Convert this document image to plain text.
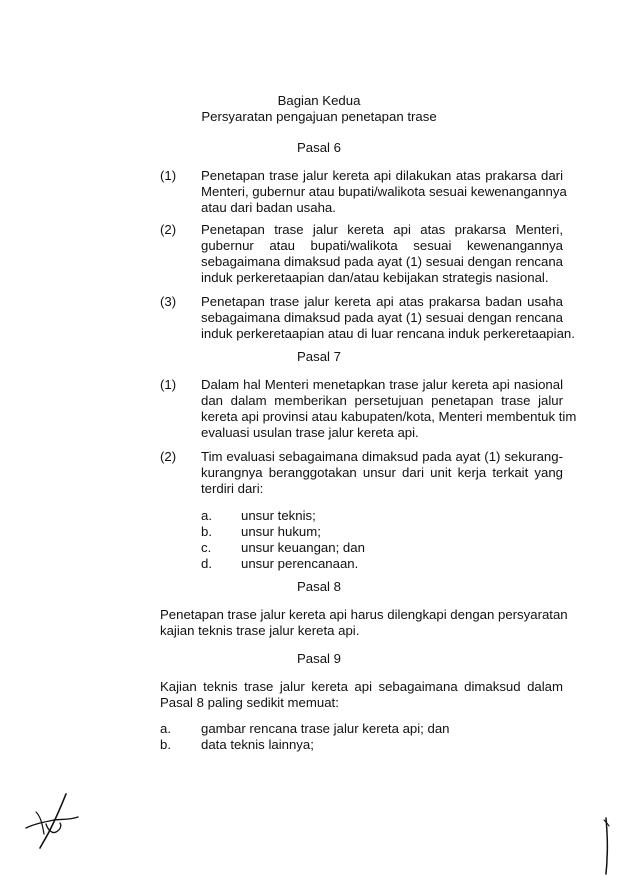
Bagian Kedua
Persyaratan pengajuan penetapan trase
Pasal 6
(1) Penetapan trase jalur kereta api dilakukan atas prakarsa dari
Menteri, gubernur atau bupati/walikota sesuai kewenangannya
atau dari badan usaha.
(2) Penetapan trase jalur kereta api atas prakarsa Menteri,
gubernur atau bupati/walikota sesuai kewenangannya
sebagaimana dimaksud pada ayat (1) sesuai dengan rencana
induk perkeretaapian dan/atau kebijakan strategis nasional.
(3) Penetapan trase jalur kereta api atas prakarsa badan usaha
sebagaimana dimaksud pada ayat (1) sesuai dengan rencana
induk perkeretaapian atau di luar rencana induk perkeretaapian.
Pasal 7
(1) Dalam hal Menteri menetapkan trase jalur kereta api nasional
dan dalam memberikan persetujuan penetapan trase jalur
kereta api provinsi atau kabupaten/kota, Menteri membentuk tim
evaluasi usulan trase jalur kereta api.
(2) Tim evaluasi sebagaimana dimaksud pada ayat (1) sekurang-
kurangnya beranggotakan unsur dari unit kerja terkait yang
terdiri dari:
a. unsur teknis;
b. unsur hukum;
c. unsur keuangan; dan
d. unsur perencanaan.
Pasal 8
Penetapan trase jalur kereta api harus dilengkapi dengan persyaratan
kajian teknis trase jalur kereta api.
Pasal 9
Kajian teknis trase jalur kereta api sebagaimana dimaksud dalam
Pasal 8 paling sedikit memuat:
a. gambar rencana trase jalur kereta api; dan
b. data teknis lainnya;
